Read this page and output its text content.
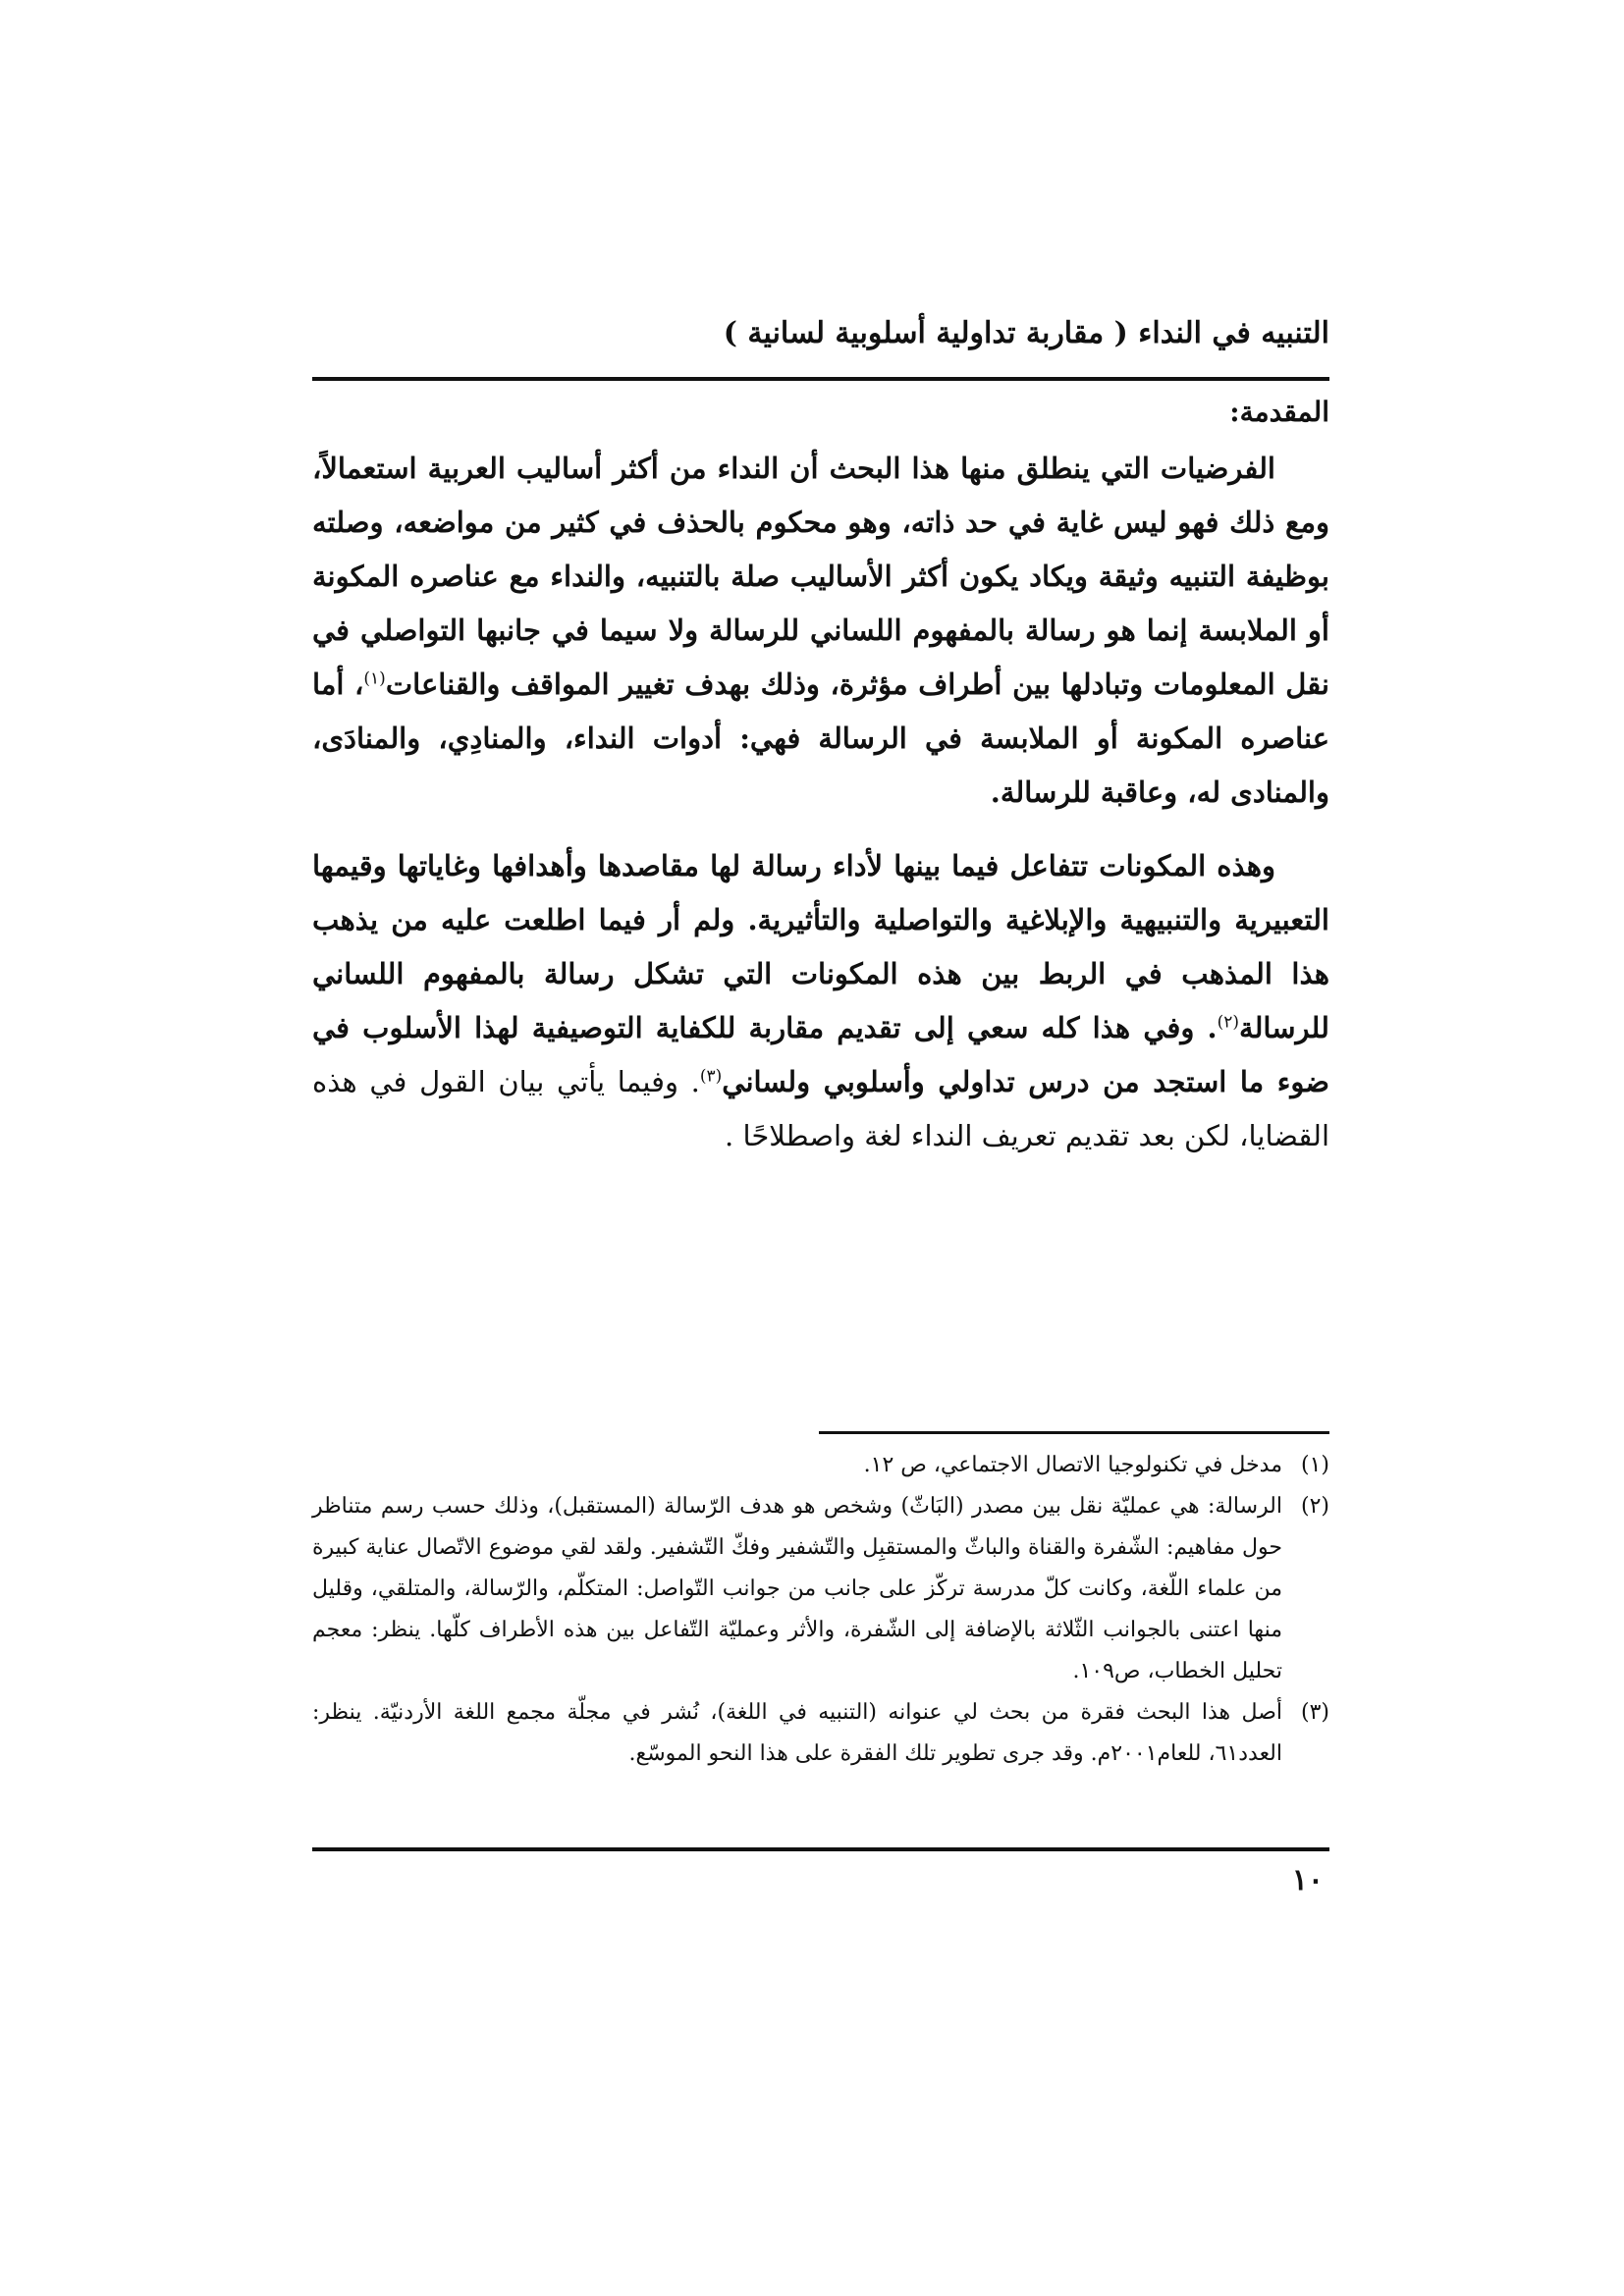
التنبيه في النداء ( مقاربة تداولية أسلوبية لسانية )
المقدمة:

الفرضيات التي ينطلق منها هذا البحث أن النداء من أكثر أساليب العربية استعمالاً، ومع ذلك فهو ليس غاية في حد ذاته، وهو محكوم بالحذف في كثير من مواضعه، وصلته بوظيفة التنبيه وثيقة ويكاد يكون أكثر الأساليب صلة بالتنبيه، والنداء مع عناصره المكونة أو الملابسة إنما هو رسالة بالمفهوم اللساني للرسالة ولا سيما في جانبها التواصلي في نقل المعلومات وتبادلها بين أطراف مؤثرة، وذلك بهدف تغيير المواقف والقناعات$^{(١)}$، أما عناصره المكونة أو الملابسة في الرسالة فهي: أدوات النداء، والمنادِي، والمنادَى، والمنادى له، وعاقبة للرسالة.

وهذه المكونات تتفاعل فيما بينها لأداء رسالة لها مقاصدها وأهدافها وغاياتها وقيمها التعبيرية والتنبيهية والإبلاغية والتواصلية والتأثيرية. ولم أر فيما اطلعت عليه من يذهب هذا المذهب في الربط بين هذه المكونات التي تشكل رسالة بالمفهوم اللساني للرسالة$^{(٢)}$. وفي هذا كله سعي إلى تقديم مقاربة للكفاية التوصيفية لهذا الأسلوب في ضوء ما استجد من درس تداولي وأسلوبي ولساني$^{(٣)}$. وفيما يأتي بيان القول في هذه القضايا، لكن بعد تقديم تعريف النداء لغة واصطلاحًا .

(١)
مدخل في تكنولوجيا الاتصال الاجتماعي، ص ١٢.
(٢)
الرسالة: هي عمليّة نقل بين مصدر (البَاثّ) وشخص هو هدف الرّسالة (المستقبل)، وذلك حسب رسم متناظر حول مفاهيم: الشّفرة والقناة والباثّ والمستقبِل والتّشفير وفكّ التّشفير. ولقد لقي موضوع الاتّصال عناية كبيرة من علماء اللّغة، وكانت كلّ مدرسة تركّز على جانب من جوانب التّواصل: المتكلّم، والرّسالة، والمتلقي، وقليل منها اعتنى بالجوانب الثّلاثة بالإضافة إلى الشّفرة، والأثر وعمليّة التّفاعل بين هذه الأطراف كلّها. ينظر: معجم تحليل الخطاب، ص١٠٩.
(٣)
أصل هذا البحث فقرة من بحث لي عنوانه (التنبيه في اللغة)، نُشر في مجلّة مجمع اللغة الأردنيّة. ينظر: العدد٦١، للعام٢٠٠١م. وقد جرى تطوير تلك الفقرة على هذا النحو الموسّع.
١٠
